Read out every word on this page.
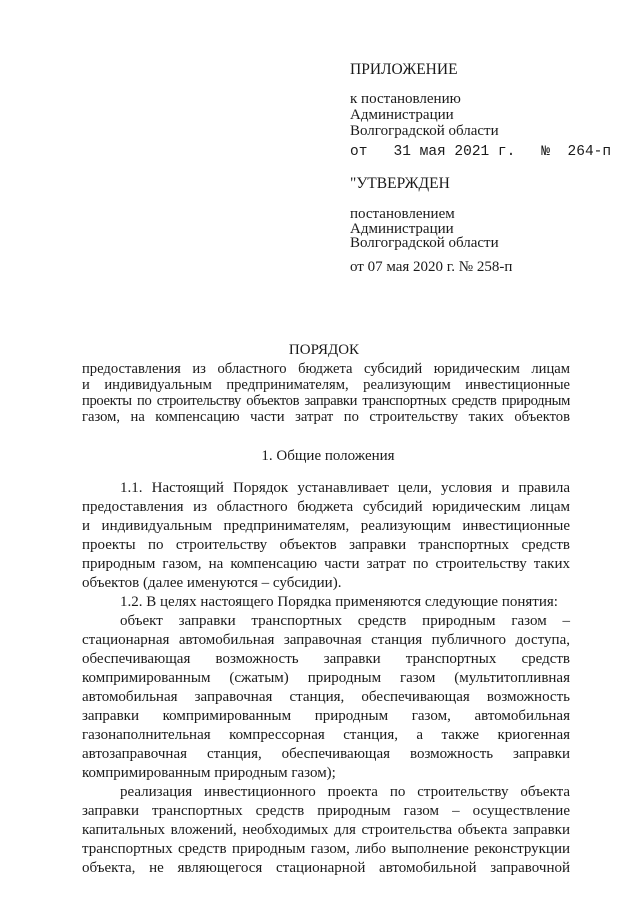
ПРИЛОЖЕНИЕ
к постановлению
Администрации
Волгоградской области
от   31 мая 2021 г.   №  264-п
"УТВЕРЖДЕН
постановлением
Администрации
Волгоградской области
от 07 мая 2020 г. № 258-п
ПОРЯДОК
предоставления из областного бюджета субсидий юридическим лицам
и индивидуальным предпринимателям, реализующим инвестиционные
проекты по строительству объектов заправки транспортных средств природным
газом, на компенсацию части затрат по строительству таких объектов
1. Общие положения
1.1. Настоящий Порядок устанавливает цели, условия и правила
предоставления из областного бюджета субсидий юридическим лицам
и индивидуальным предпринимателям, реализующим инвестиционные
проекты по строительству объектов заправки транспортных средств
природным газом, на компенсацию части затрат по строительству таких
объектов (далее именуются – субсидии).
1.2. В целях настоящего Порядка применяются следующие понятия:
объект заправки транспортных средств природным газом –
стационарная автомобильная заправочная станция публичного доступа,
обеспечивающая возможность заправки транспортных средств
компримированным (сжатым) природным газом (мультитопливная
автомобильная заправочная станция, обеспечивающая возможность
заправки компримированным природным газом, автомобильная
газонаполнительная компрессорная станция, а также криогенная
автозаправочная станция, обеспечивающая возможность заправки
компримированным природным газом);
реализация инвестиционного проекта по строительству объекта
заправки транспортных средств природным газом – осуществление
капитальных вложений, необходимых для строительства объекта заправки
транспортных средств природным газом, либо выполнение реконструкции
объекта, не являющегося стационарной автомобильной заправочной
